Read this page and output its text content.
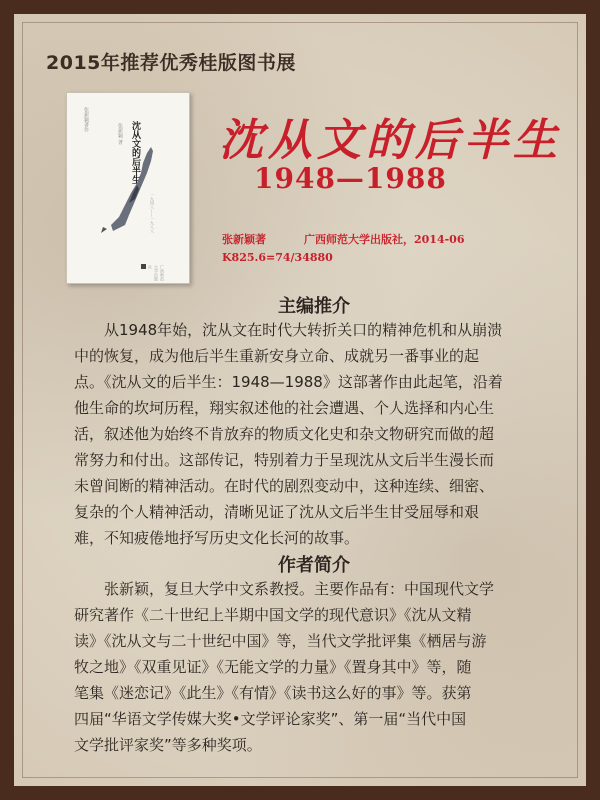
2015年推荐优秀桂版图书展
张新颖著作
沈从文的后半生
张新颖 著
一九四八——一九八八
广西师范大学出版社
沈从文的后半生
1948—1988
张新颖著	广西师范大学出版社，2014-06
K825.6=74/34880
主编推介
从1948年始，沈从文在时代大转折关口的精神危机和从崩溃
中的恢复，成为他后半生重新安身立命、成就另一番事业的起
点。《沈从文的后半生：1948—1988》这部著作由此起笔，沿着
他生命的坎坷历程，翔实叙述他的社会遭遇、个人选择和内心生
活，叙述他为始终不肯放弃的物质文化史和杂文物研究而做的超
常努力和付出。这部传记，特别着力于呈现沈从文后半生漫长而
未曾间断的精神活动。在时代的剧烈变动中，这种连续、细密、
复杂的个人精神活动，清晰见证了沈从文后半生甘受屈辱和艰
难，不知疲倦地抒写历史文化长河的故事。
作者简介
张新颖，复旦大学中文系教授。主要作品有：中国现代文学
研究著作《二十世纪上半期中国文学的现代意识》《沈从文精
读》《沈从文与二十世纪中国》等，当代文学批评集《栖居与游
牧之地》《双重见证》《无能文学的力量》《置身其中》等，随
笔集《迷恋记》《此生》《有情》《读书这么好的事》等。获第
四届“华语文学传媒大奖•文学评论家奖”、第一届“当代中国
文学批评家奖”等多种奖项。
